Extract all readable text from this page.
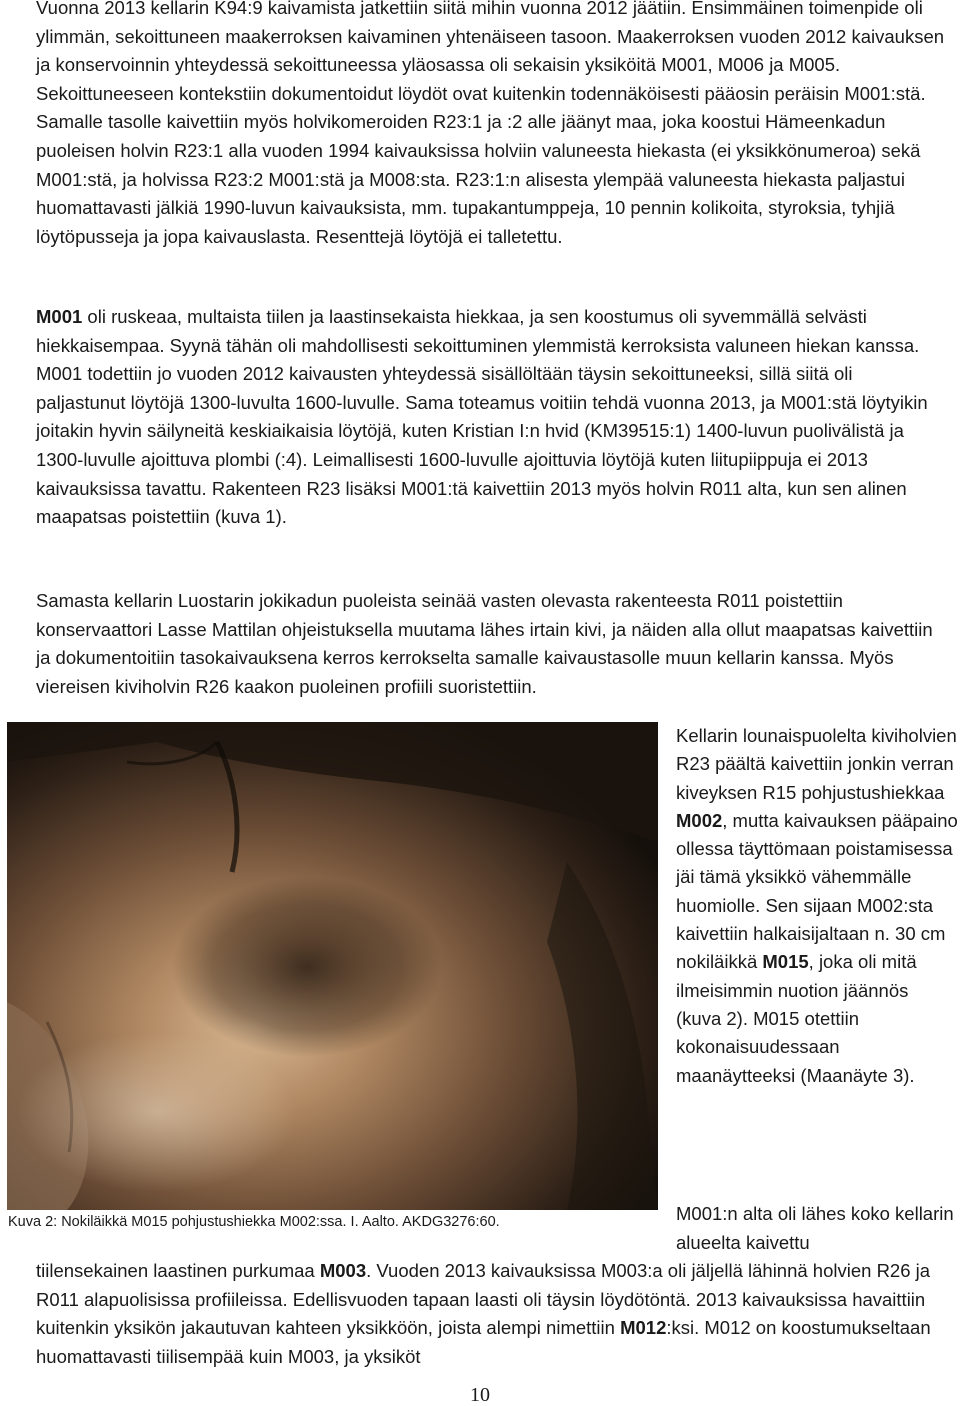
Vuonna 2013 kellarin K94:9 kaivamista jatkettiin siitä mihin vuonna 2012 jäätiin. Ensimmäinen toimenpide oli ylimmän, sekoittuneen maakerroksen kaivaminen yhtenäiseen tasoon. Maakerroksen vuoden 2012 kaivauksen ja konservoinnin yhteydessä sekoittuneessa yläosassa oli sekaisin yksiköitä M001, M006 ja M005. Sekoittuneeseen kontekstiin dokumentoidut löydöt ovat kuitenkin todennäköisesti pääosin peräisin M001:stä. Samalle tasolle kaivettiin myös holvikomeroiden R23:1 ja :2 alle jäänyt maa, joka koostui Hämeenkadun puoleisen holvin R23:1 alla vuoden 1994 kaivauksissa holviin valuneesta hiekasta (ei yksikkönumeroa) sekä M001:stä, ja holvissa R23:2 M001:stä ja M008:sta. R23:1:n alisesta ylempää valuneesta hiekasta paljastui huomattavasti jälkiä 1990-luvun kaivauksista, mm. tupakantumppeja, 10 pennin kolikoita, styroksia, tyhjiä löytöpusseja ja jopa kaivauslasta. Resenttejä löytöjä ei talletettu.

M001 oli ruskeaa, multaista tiilen ja laastinsekaista hiekkaa, ja sen koostumus oli syvemmällä selvästi hiekkaisempaa. Syynä tähän oli mahdollisesti sekoittuminen ylemmistä kerroksista valuneen hiekan kanssa. M001 todettiin jo vuoden 2012 kaivausten yhteydessä sisällöltään täysin sekoittuneeksi, sillä siitä oli paljastunut löytöjä 1300-luvulta 1600-luvulle. Sama toteamus voitiin tehdä vuonna 2013, ja M001:stä löytyikin joitakin hyvin säilyneitä keskiaikaisia löytöjä, kuten Kristian I:n hvid (KM39515:1) 1400-luvun puolivälistä ja 1300-luvulle ajoittuva plombi (:4). Leimallisesti 1600-luvulle ajoittuvia löytöjä kuten liitupiippuja ei 2013 kaivauksissa tavattu. Rakenteen R23 lisäksi M001:tä kaivettiin 2013 myös holvin R011 alta, kun sen alinen maapatsas poistettiin (kuva 1).

Samasta kellarin Luostarin jokikadun puoleista seinää vasten olevasta rakenteesta R011 poistettiin konservaattori Lasse Mattilan ohjeistuksella muutama lähes irtain kivi, ja näiden alla ollut maapatsas kaivettiin ja dokumentoitiin tasokaivauksena kerros kerrokselta samalle kaivaustasolle muun kellarin kanssa. Myös viereisen kiviholvin R26 kaakon puoleinen profiili suoristettiin.

Kellarin lounaispuolelta kiviholvien R23 päältä kaivettiin jonkin verran kiveyksen R15 pohjustushiekkaa M002, mutta kaivauksen pääpaino ollessa täyttömaan poistamisessa jäi tämä yksikkö vähemmälle huomiolle. Sen sijaan M002:sta kaivettiin halkaisijaltaan n. 30 cm nokiläikkä M015, joka oli mitä ilmeisimmin nuotion jäännös (kuva 2). M015 otettiin kokonaisuudessaan maanäytteeksi (Maanäyte 3).

Kuva 2: Nokiläikkä M015 pohjustushiekka M002:ssa. I. Aalto. AKDG3276:60.	M001:n alta oli lähes koko kellarin alueelta kaivettu

tiilensekainen laastinen purkumaa M003. Vuoden 2013 kaivauksissa M003:a oli jäljellä lähinnä holvien R26 ja R011 alapuolisissa profiileissa. Edellisvuoden tapaan laasti oli täysin löydötöntä. 2013 kaivauksissa havaittiin kuitenkin yksikön jakautuvan kahteen yksikköön, joista alempi nimettiin M012:ksi. M012 on koostumukseltaan huomattavasti tiilisempää kuin M003, ja yksiköt

10
